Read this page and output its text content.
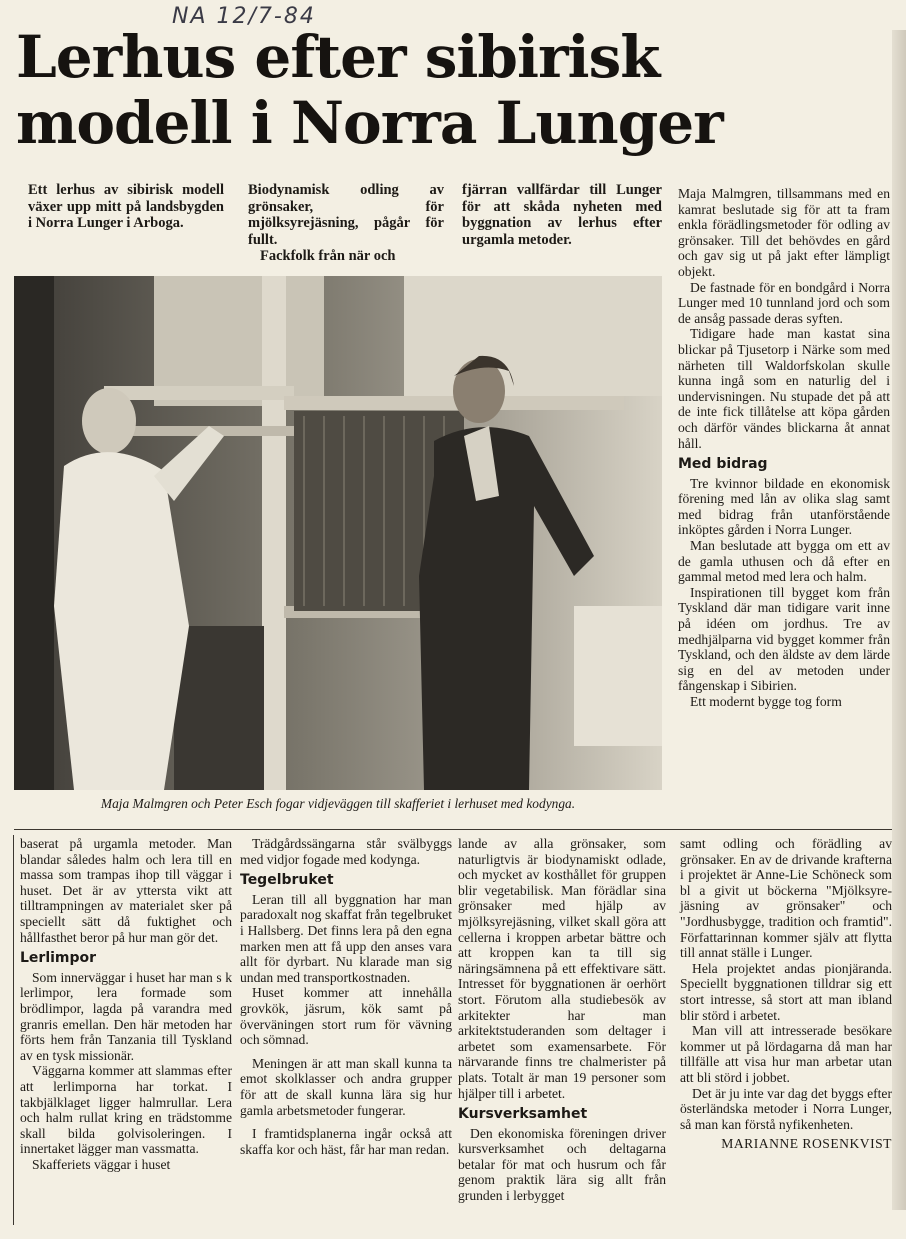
NA 12/7-84
Lerhus efter sibirisk
modell i Norra Lunger

Ett lerhus av sibirisk modell växer upp mitt på landsbygden i Norra Lunger i Arboga.

Biodynamisk odling av grönsaker, för mjölksyrejäsning, pågår för fullt.

Fackfolk från när och

fjärran vallfärdar till Lunger för att skåda nyheten med byggnation av lerhus efter urgamla metoder.

Maja Malmgren och Peter Esch fogar vidjeväggen till skafferiet i lerhuset med kodynga.

Maja Malmgren, tillsammans med en kamrat beslutade sig för att ta fram enkla förädlingsmetoder för odling av grönsaker. Till det behövdes en gård och gav sig ut på jakt efter lämpligt objekt.

De fastnade för en bondgård i Norra Lunger med 10 tunnland jord och som de ansåg passade deras syften.

Tidigare hade man kastat sina blickar på Tjusetorp i Närke som med närheten till Waldorfskolan skulle kunna ingå som en naturlig del i undervisningen. Nu stupade det på att de inte fick tillåtelse att köpa gården och därför vändes blickarna åt annat håll.

Med bidrag

Tre kvinnor bildade en ekonomisk förening med lån av olika slag samt med bidrag från utanförstående inköptes gården i Norra Lunger.

Man beslutade att bygga om ett av de gamla uthusen och då efter en gammal metod med lera och halm.

Inspirationen till bygget kom från Tyskland där man tidigare varit inne på idéen om jordhus. Tre av medhjälparna vid bygget kommer från Tyskland, och den äldste av dem lärde sig en del av metoden under fångenskap i Sibirien.

Ett modernt bygge tog form

baserat på urgamla metoder. Man blandar således halm och lera till en massa som trampas ihop till väggar i huset. Det är av yttersta vikt att tilltrampningen av materialet sker på speciellt sätt då fuktighet och hållfasthet beror på hur man gör det.

Lerlimpor

Som innerväggar i huset har man s k lerlimpor, lera formade som brödlimpor, lagda på varandra med granris emellan. Den här metoden har förts hem från Tanzania till Tyskland av en tysk missionär.

Väggarna kommer att slammas efter att lerlimporna har torkat. I takbjälklaget ligger halmrullar. Lera och halm rullat kring en trädstomme skall bilda golvisoleringen. I innertaket lägger man vassmatta.

Skafferiets väggar i huset

Trädgårdssängarna står svälbyggs med vidjor fogade med kodynga.

Tegelbruket

Leran till all byggnation har man paradoxalt nog skaffat från tegelbruket i Hallsberg. Det finns lera på den egna marken men att få upp den anses vara allt för dyrbart. Nu klarade man sig undan med transportkostnaden.

Huset kommer att innehålla grovkök, jäsrum, kök samt på överväningen stort rum för vävning och sömnad.

Meningen är att man skall kunna ta emot skolklasser och andra grupper för att de skall kunna lära sig hur gamla arbetsmetoder fungerar.

I framtidsplanerna ingår också att skaffa kor och häst, får har man redan.

lande av alla grönsaker, som naturligtvis är biodynamiskt odlade, och mycket av kosthållet för gruppen blir vegetabilisk. Man förädlar sina grönsaker med hjälp av mjölksyrejäsning, vilket skall göra att cellerna i kroppen arbetar bättre och att kroppen kan ta till sig näringsämnena på ett effektivare sätt. Intresset för byggnationen är oerhört stort. Förutom alla studiebesök av arkitekter har man arkitektstuderanden som deltager i arbetet som examensarbete. För närvarande finns tre chalmerister på plats. Totalt är man 19 personer som hjälper till i arbetet.

Kursverksamhet

Den ekonomiska föreningen driver kursverksamhet och deltagarna betalar för mat och husrum och får genom praktik lära sig allt från grunden i lerbygget

samt odling och förädling av grönsaker. En av de drivande krafterna i projektet är Anne-Lie Schöneck som bl a givit ut böckerna "Mjölksyre-jäsning av grönsaker" och "Jordhusbygge, tradition och framtid". Författarinnan kommer själv att flytta till annat ställe i Lunger.

Hela projektet andas pionjäranda. Speciellt byggnationen tilldrar sig ett stort intresse, så stort att man ibland blir störd i arbetet.

Man vill att intresserade besökare kommer ut på lördagarna då man har tillfälle att visa hur man arbetar utan att bli störd i jobbet.

Det är ju inte var dag det byggs efter österländska metoder i Norra Lunger, så man kan förstå nyfikenheten.

MARIANNE ROSENKVIST
